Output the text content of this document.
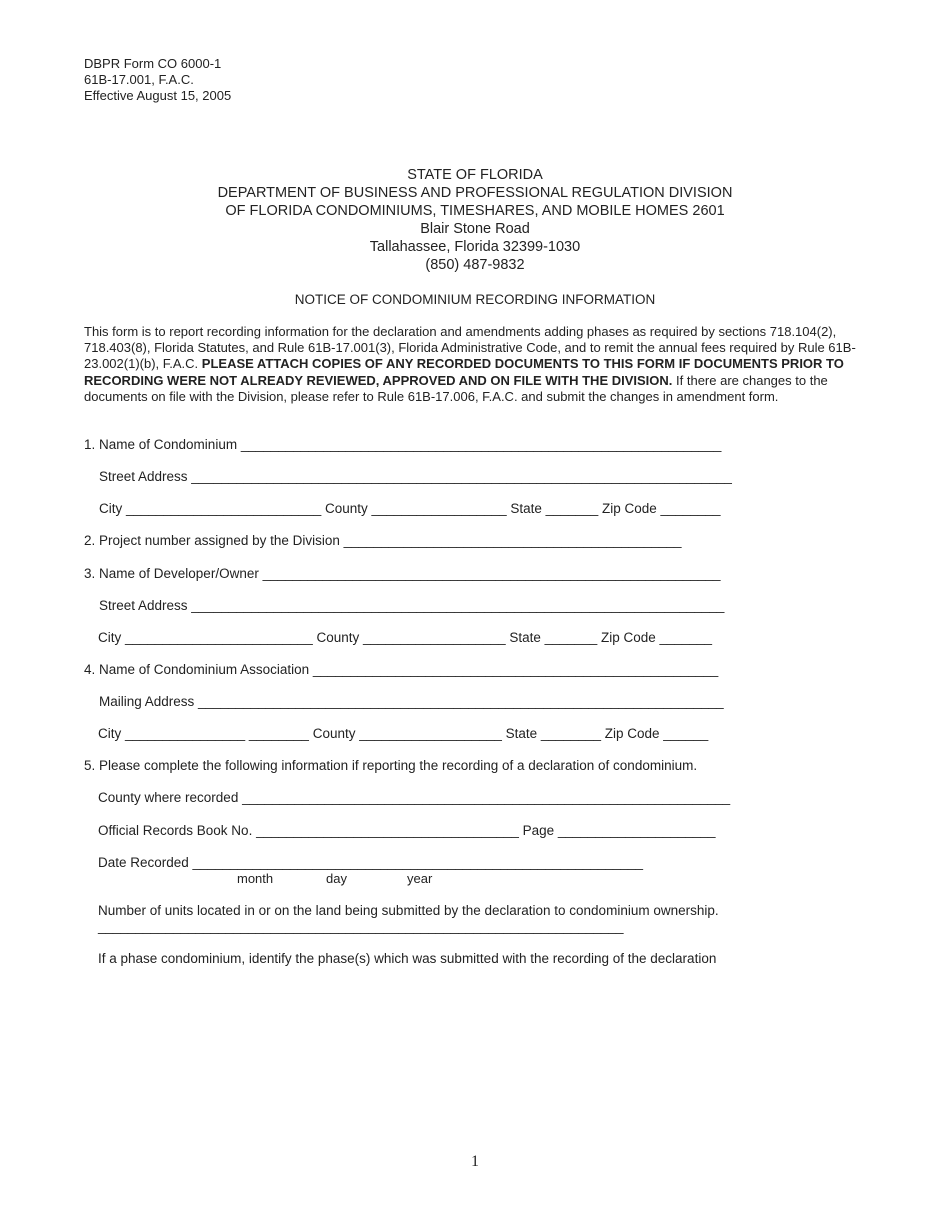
DBPR Form CO 6000-1
61B-17.001, F.A.C.
Effective August 15, 2005
STATE OF FLORIDA
DEPARTMENT OF BUSINESS AND PROFESSIONAL REGULATION DIVISION
OF FLORIDA CONDOMINIUMS, TIMESHARES, AND MOBILE HOMES 2601
Blair Stone Road
Tallahassee, Florida 32399-1030
(850) 487-9832
NOTICE OF CONDOMINIUM RECORDING INFORMATION
This form is to report recording information for the declaration and amendments adding phases as required by sections 718.104(2), 718.403(8), Florida Statutes, and Rule 61B-17.001(3), Florida Administrative Code, and to remit the annual fees required by Rule 61B-23.002(1)(b), F.A.C. PLEASE ATTACH COPIES OF ANY RECORDED DOCUMENTS TO THIS FORM IF DOCUMENTS PRIOR TO RECORDING WERE NOT ALREADY REVIEWED, APPROVED AND ON FILE WITH THE DIVISION. If there are changes to the documents on file with the Division, please refer to Rule 61B-17.006, F.A.C. and submit the changes in amendment form.
1. Name of Condominium ________________________________________________________________
Street Address ________________________________________________________________________
City __________________________ County __________________ State _______ Zip Code ________
2. Project number assigned by the Division _____________________________________________
3. Name of Developer/Owner _____________________________________________________________
Street Address _______________________________________________________________________
City _________________________ County ___________________ State _______ Zip Code _______
4. Name of Condominium Association ______________________________________________________
Mailing Address ______________________________________________________________________
City ________________ ________ County ___________________ State ________ Zip Code ______
5. Please complete the following information if reporting the recording of a declaration of condominium.
County where recorded _________________________________________________________________
Official Records Book No. ___________________________________ Page _____________________
Date Recorded ____________________________________________________________
month	day	year
Number of units located in or on the land being submitted by the declaration to condominium ownership.
______________________________________________________________________
If a phase condominium, identify the phase(s) which was submitted with the recording of the declaration
1
